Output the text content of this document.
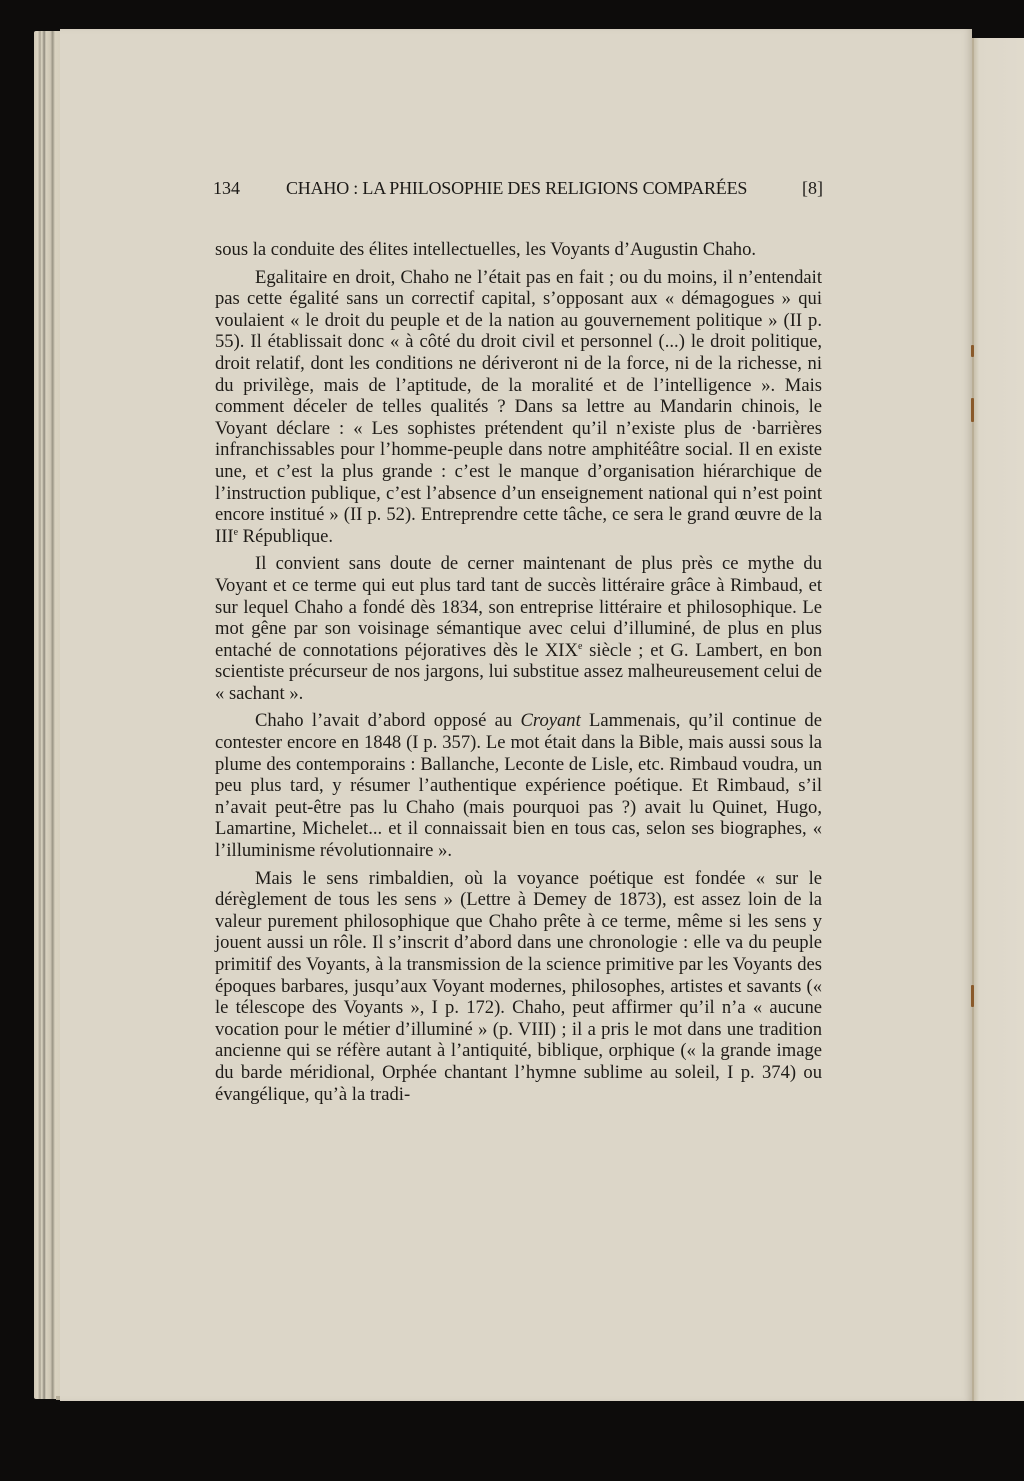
134	CHAHO : LA PHILOSOPHIE DES RELIGIONS COMPARÉES	[8]

sous la conduite des élites intellectuelles, les Voyants d’Augustin Chaho.

Egalitaire en droit, Chaho ne l’était pas en fait ; ou du moins, il n’entendait pas cette égalité sans un correctif capital, s’opposant aux « démagogues » qui voulaient « le droit du peuple et de la nation au gouvernement politique » (II p. 55). Il établissait donc « à côté du droit civil et personnel (...) le droit politique, droit relatif, dont les conditions ne dériveront ni de la force, ni de la richesse, ni du privilège, mais de l’aptitude, de la moralité et de l’intelligence ». Mais comment déceler de telles qualités ? Dans sa lettre au Mandarin chinois, le Voyant déclare : « Les sophistes prétendent qu’il n’existe plus de ·barrières infranchissables pour l’homme-peuple dans notre amphitéâtre social. Il en existe une, et c’est la plus grande : c’est le manque d’organisation hiérarchique de l’instruction publique, c’est l’absence d’un enseignement national qui n’est point encore institué » (II p. 52). Entreprendre cette tâche, ce sera le grand œuvre de la IIIe République.

Il convient sans doute de cerner maintenant de plus près ce mythe du Voyant et ce terme qui eut plus tard tant de succès littéraire grâce à Rimbaud, et sur lequel Chaho a fondé dès 1834, son entreprise littéraire et philosophique. Le mot gêne par son voisinage sémantique avec celui d’illuminé, de plus en plus entaché de connotations péjoratives dès le XIXe siècle ; et G. Lambert, en bon scientiste précurseur de nos jargons, lui substitue assez malheureusement celui de « sachant ».

Chaho l’avait d’abord opposé au Croyant Lammenais, qu’il continue de contester encore en 1848 (I p. 357). Le mot était dans la Bible, mais aussi sous la plume des contemporains : Ballanche, Leconte de Lisle, etc. Rimbaud voudra, un peu plus tard, y résumer l’authentique expérience poétique. Et Rimbaud, s’il n’avait peut-être pas lu Chaho (mais pourquoi pas ?) avait lu Quinet, Hugo, Lamartine, Michelet... et il connaissait bien en tous cas, selon ses biographes, « l’illuminisme révolutionnaire ».

Mais le sens rimbaldien, où la voyance poétique est fondée « sur le dérèglement de tous les sens » (Lettre à Demey de 1873), est assez loin de la valeur purement philosophique que Chaho prête à ce terme, même si les sens y jouent aussi un rôle. Il s’inscrit d’abord dans une chronologie : elle va du peuple primitif des Voyants, à la transmission de la science primitive par les Voyants des époques barbares, jusqu’aux Voyant modernes, philosophes, artistes et savants (« le télescope des Voyants », I p. 172). Chaho, peut affirmer qu’il n’a « aucune vocation pour le métier d’illuminé » (p. VIII) ; il a pris le mot dans une tradition ancienne qui se réfère autant à l’antiquité, biblique, orphique (« la grande image du barde méridional, Orphée chantant l’hymne sublime au soleil, I p. 374) ou évangélique, qu’à la tradi-
